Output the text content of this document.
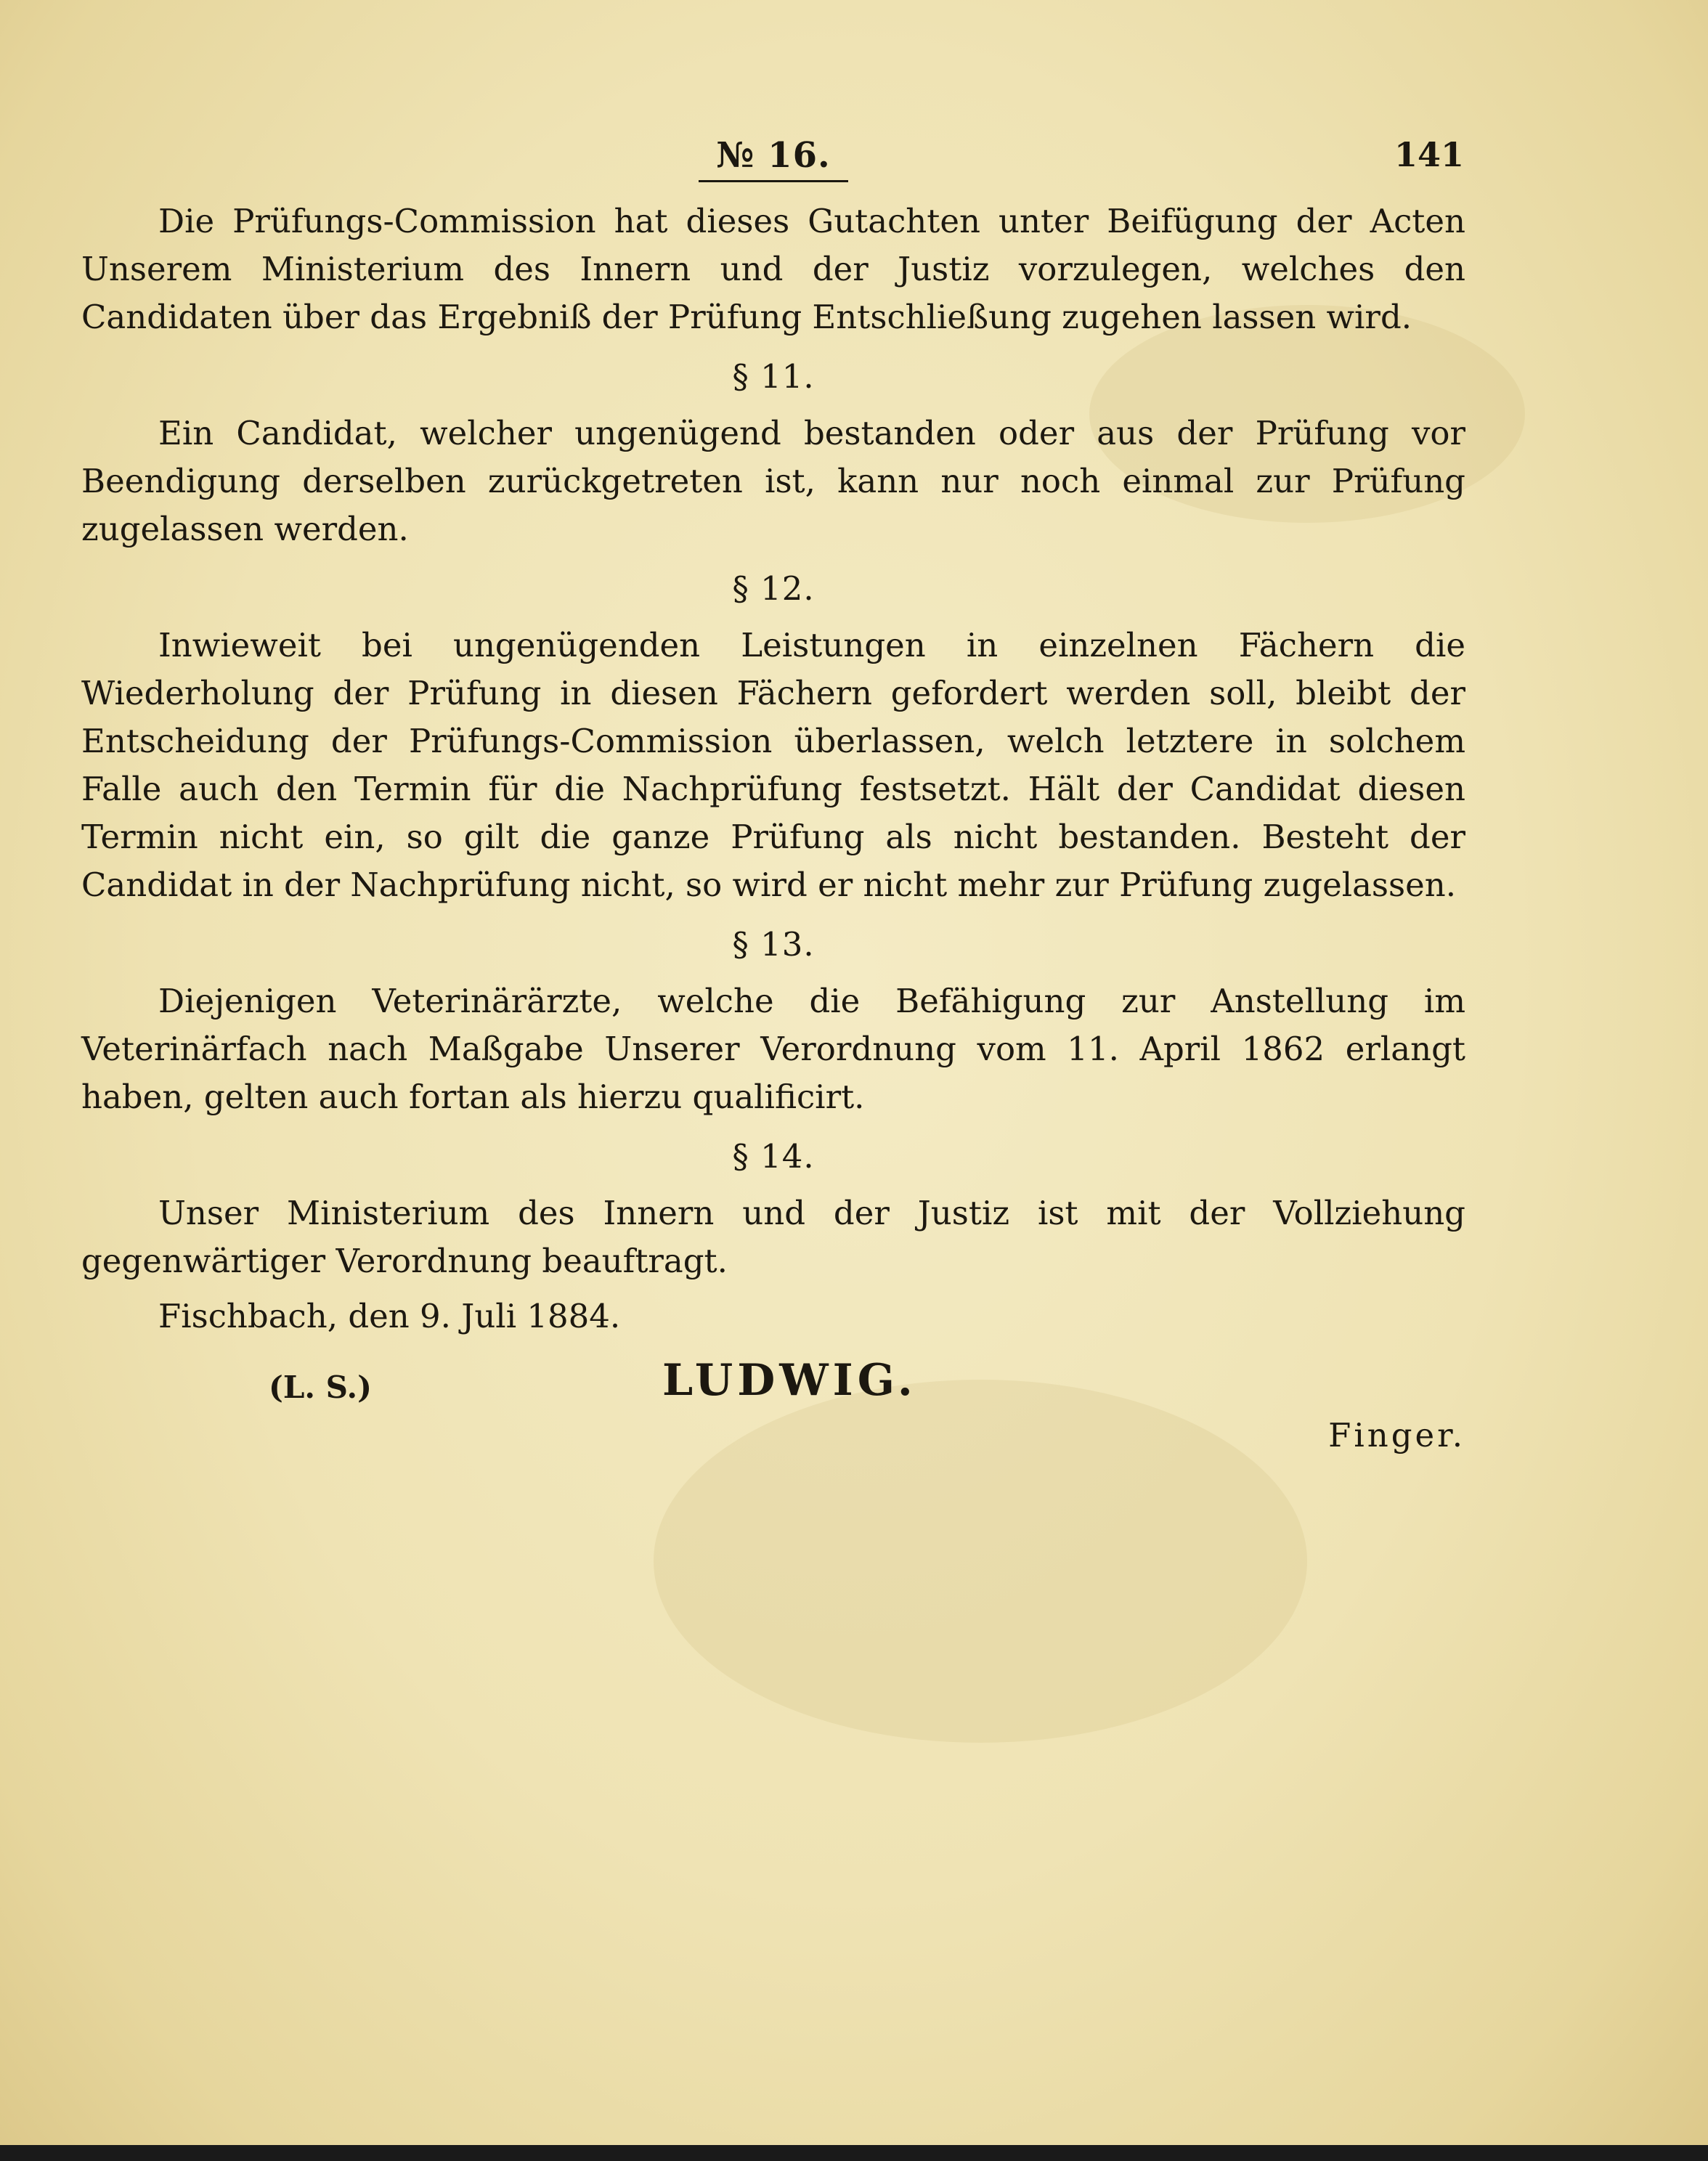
№ 16.	141

Die Prüfungs-Commission hat dieses Gutachten unter Beifügung der Acten Unserem Ministerium des Innern und der Justiz vorzulegen, welches den Candidaten über das Ergebniß der Prüfung Entschließung zugehen lassen wird.

§ 11.

Ein Candidat, welcher ungenügend bestanden oder aus der Prüfung vor Beendigung derselben zurückgetreten ist, kann nur noch einmal zur Prüfung zugelassen werden.

§ 12.

Inwieweit bei ungenügenden Leistungen in einzelnen Fächern die Wiederholung der Prüfung in diesen Fächern gefordert werden soll, bleibt der Entscheidung der Prüfungs-Commission überlassen, welch letztere in solchem Falle auch den Termin für die Nachprüfung festsetzt. Hält der Candidat diesen Termin nicht ein, so gilt die ganze Prüfung als nicht bestanden. Besteht der Candidat in der Nachprüfung nicht, so wird er nicht mehr zur Prüfung zugelassen.

§ 13.

Diejenigen Veterinärärzte, welche die Befähigung zur Anstellung im Veterinärfach nach Maßgabe Unserer Verordnung vom 11. April 1862 erlangt haben, gelten auch fortan als hierzu qualificirt.

§ 14.

Unser Ministerium des Innern und der Justiz ist mit der Vollziehung gegenwärtiger Verordnung beauftragt.

Fischbach, den 9. Juli 1884.

(L. S.)	LUDWIG.
Finger.
